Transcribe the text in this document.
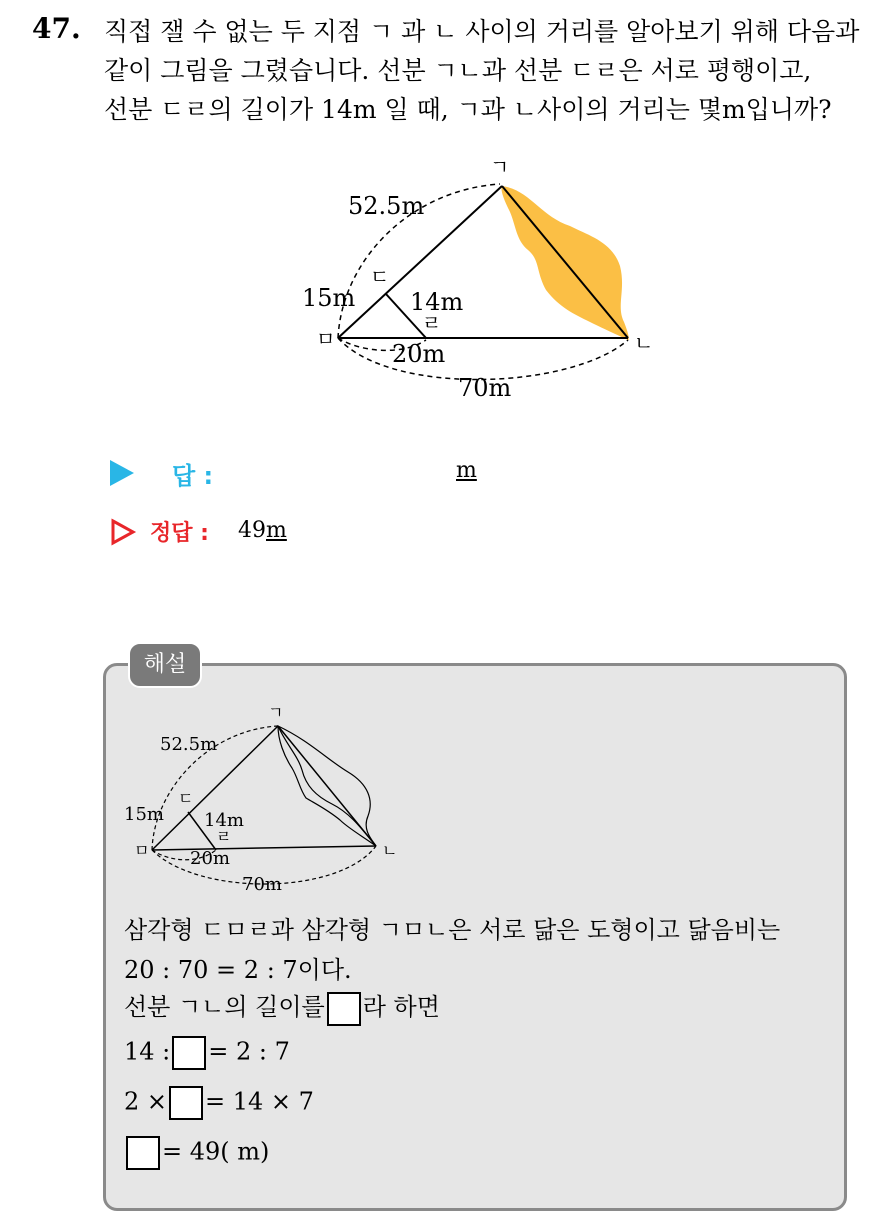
47. 직접 잴 수 없는 두 지점 ㄱ 과 ㄴ 사이의 거리를 알아보기 위해 다음과
같이 그림을 그렸습니다. 선분 ㄱㄴ과 선분 ㄷㄹ은 서로 평행이고,
선분 ㄷㄹ의 길이가 14m 일 때, ㄱ과 ㄴ사이의 거리는 몇m입니까?
ㄱ
ㄴ
ㄷ
ㄹ
ㅁ
52.5m
15m 14m
20m
70m
답 :	m
정답 : 49m
해설
ㄱ
ㄴ
ㄷ
ㄹ
ㅁ
52.5m
15m 14m
20m
70m
삼각형 ㄷㅁㄹ과 삼각형 ㄱㅁㄴ은 서로 닮은 도형이고 닮음비는
20 : 70 = 2 : 7이다.
선분 ㄱㄴ의 길이를 라 하면
14 : = 2 : 7
2 × = 14 × 7
= 49( m)
